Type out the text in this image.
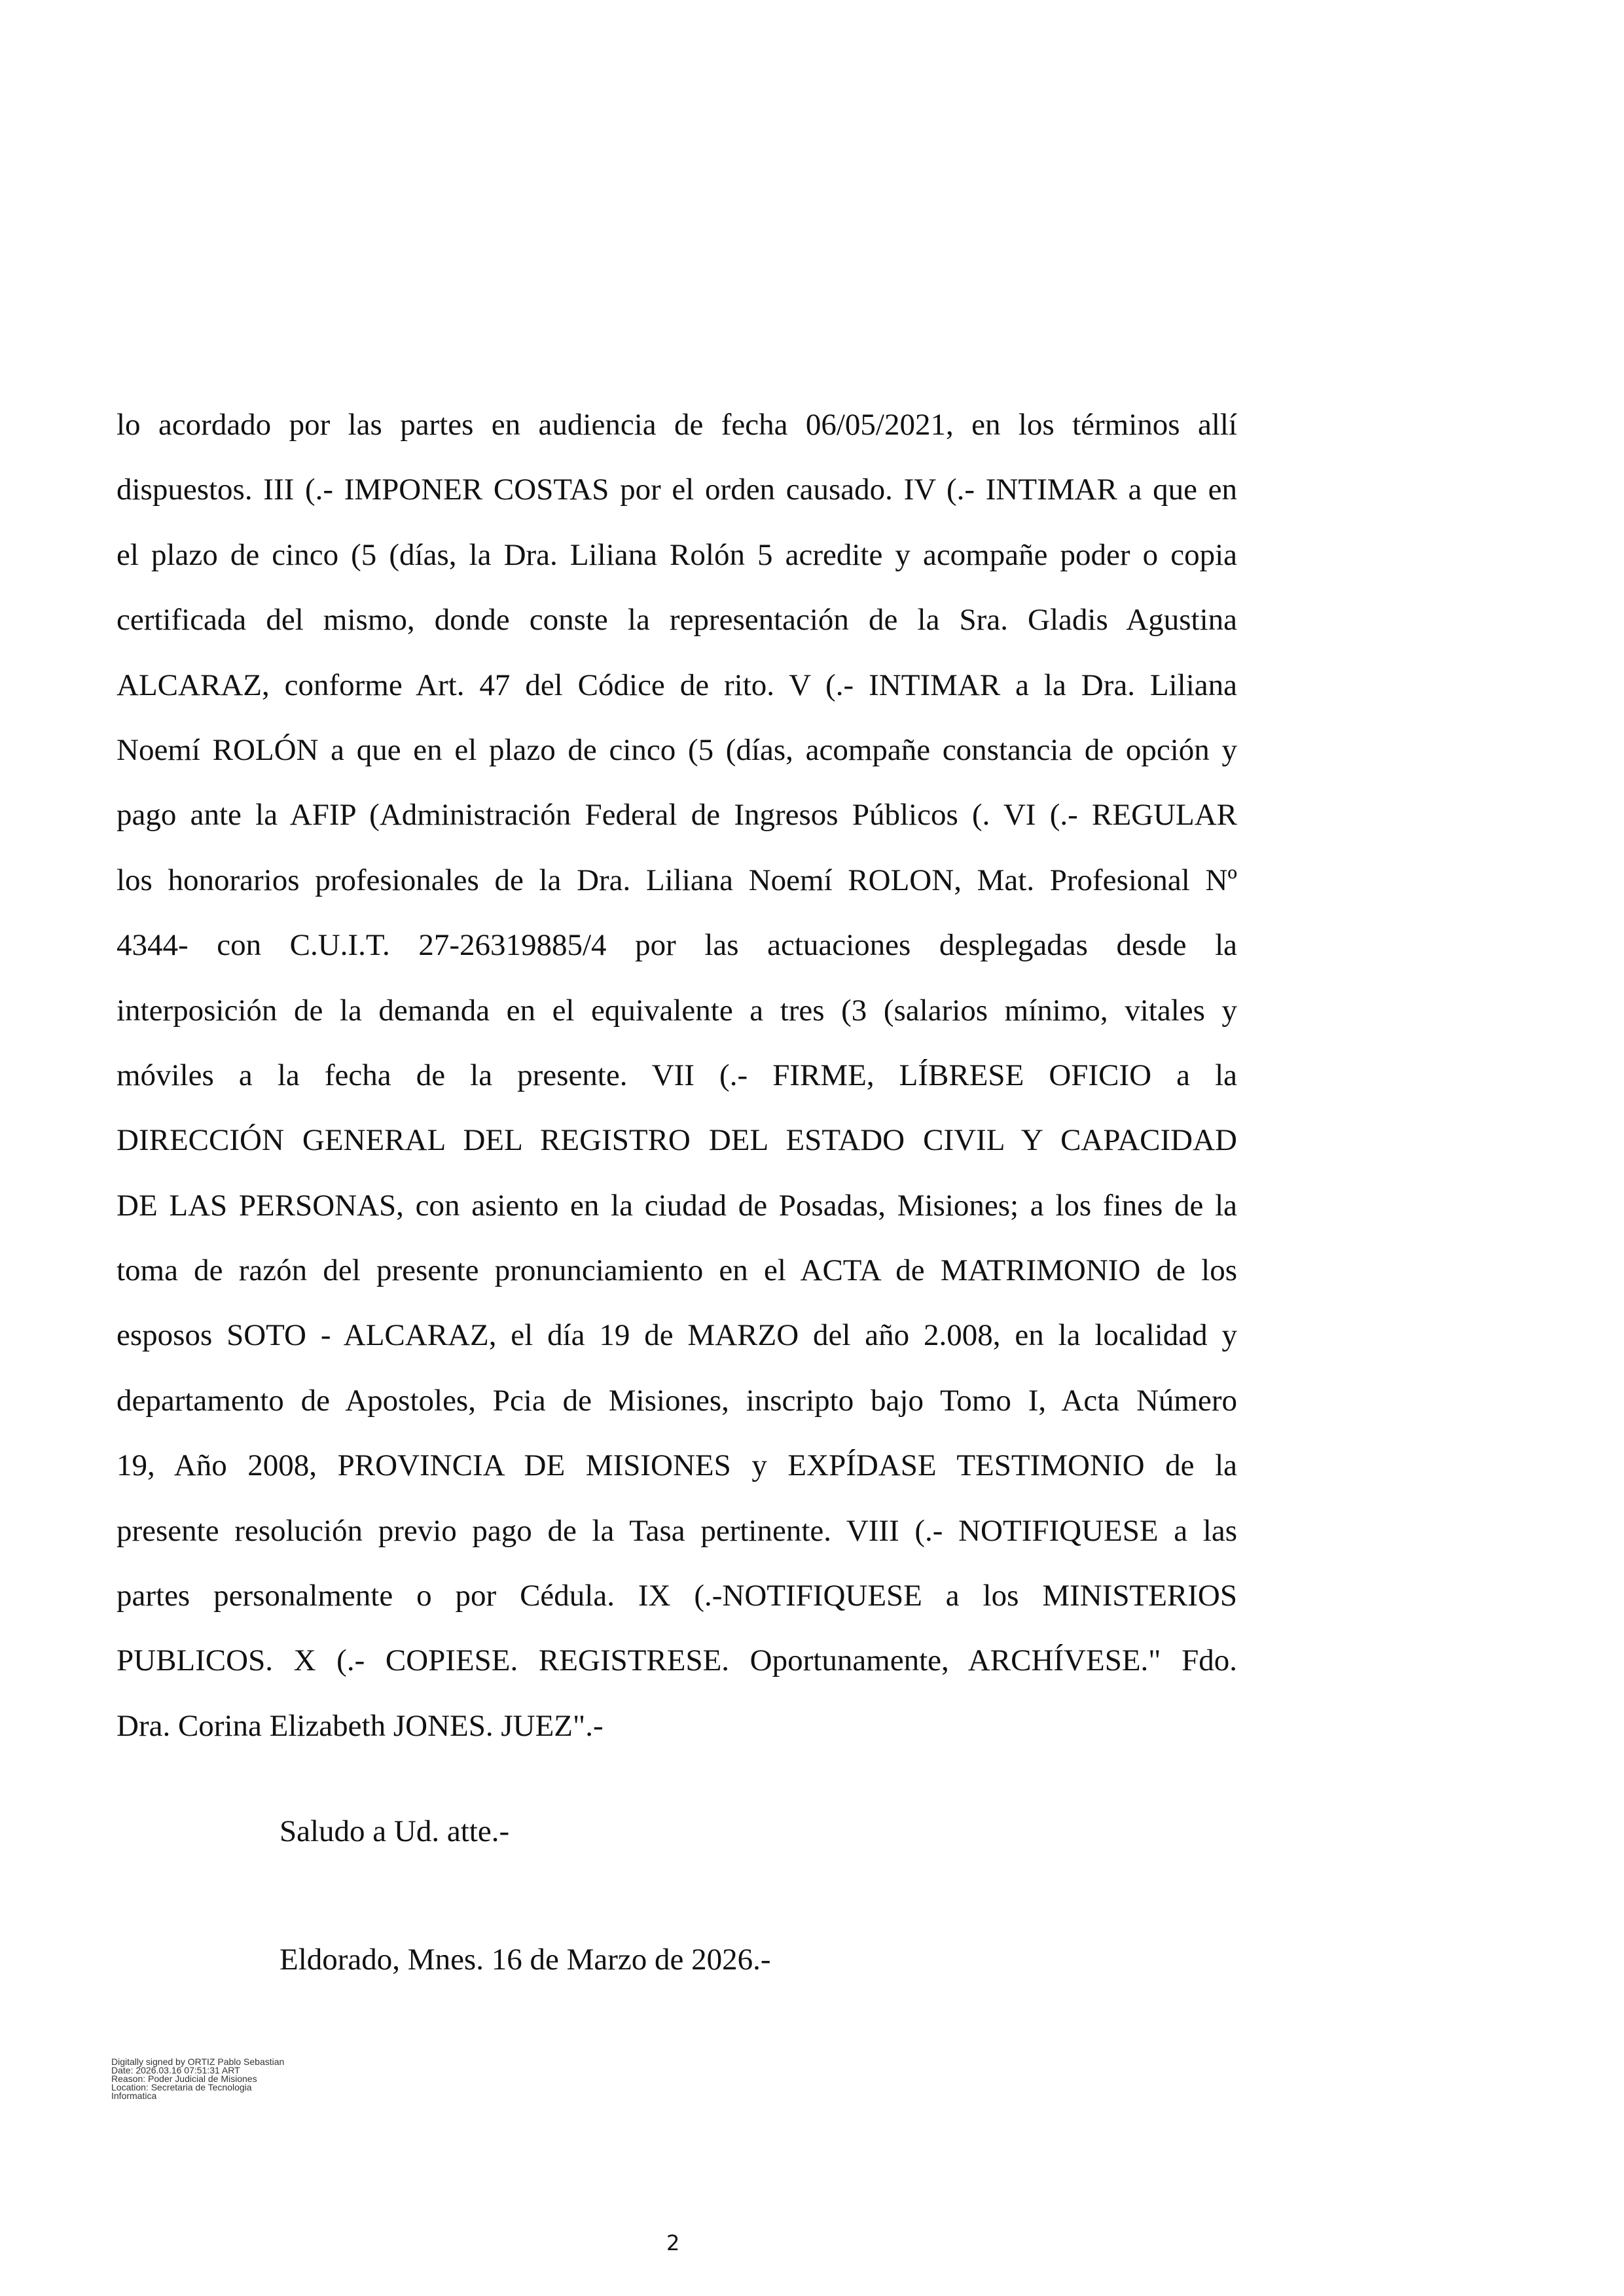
lo acordado por las partes en audiencia de fecha 06/05/2021, en los términos allí
dispuestos. III (.- IMPONER COSTAS por el orden causado. IV (.- INTIMAR a que en
el plazo de cinco (5 (días, la Dra. Liliana Rolón 5 acredite y acompañe poder o copia
certificada del mismo, donde conste la representación de la Sra. Gladis Agustina
ALCARAZ, conforme Art. 47 del Códice de rito. V (.- INTIMAR a la Dra. Liliana
Noemí ROLÓN a que en el plazo de cinco (5 (días, acompañe constancia de opción y
pago ante la AFIP (Administración Federal de Ingresos Públicos (. VI (.- REGULAR
los honorarios profesionales de la Dra. Liliana Noemí ROLON, Mat. Profesional Nº
4344- con C.U.I.T. 27-26319885/4 por las actuaciones desplegadas desde la
interposición de la demanda en el equivalente a tres (3 (salarios mínimo, vitales y
móviles a la fecha de la presente. VII (.- FIRME, LÍBRESE OFICIO a la
DIRECCIÓN GENERAL DEL REGISTRO DEL ESTADO CIVIL Y CAPACIDAD
DE LAS PERSONAS, con asiento en la ciudad de Posadas, Misiones; a los fines de la
toma de razón del presente pronunciamiento en el ACTA de MATRIMONIO de los
esposos SOTO - ALCARAZ, el día 19 de MARZO del año 2.008, en la localidad y
departamento de Apostoles, Pcia de Misiones, inscripto bajo Tomo I, Acta Número
19, Año 2008, PROVINCIA DE MISIONES y EXPÍDASE TESTIMONIO de la
presente resolución previo pago de la Tasa pertinente. VIII (.- NOTIFIQUESE a las
partes personalmente o por Cédula. IX (.-NOTIFIQUESE a los MINISTERIOS
PUBLICOS. X (.- COPIESE. REGISTRESE. Oportunamente, ARCHÍVESE." Fdo.
Dra. Corina Elizabeth JONES. JUEZ".-
Saludo a Ud. atte.-
Eldorado, Mnes. 16 de Marzo de 2026.-
Digitally signed by ORTIZ Pablo Sebastian
Date: 2026.03.16 07:51:31 ART
Reason: Poder Judicial de Misiones
Location: Secretaria de Tecnologia
Informatica
2
